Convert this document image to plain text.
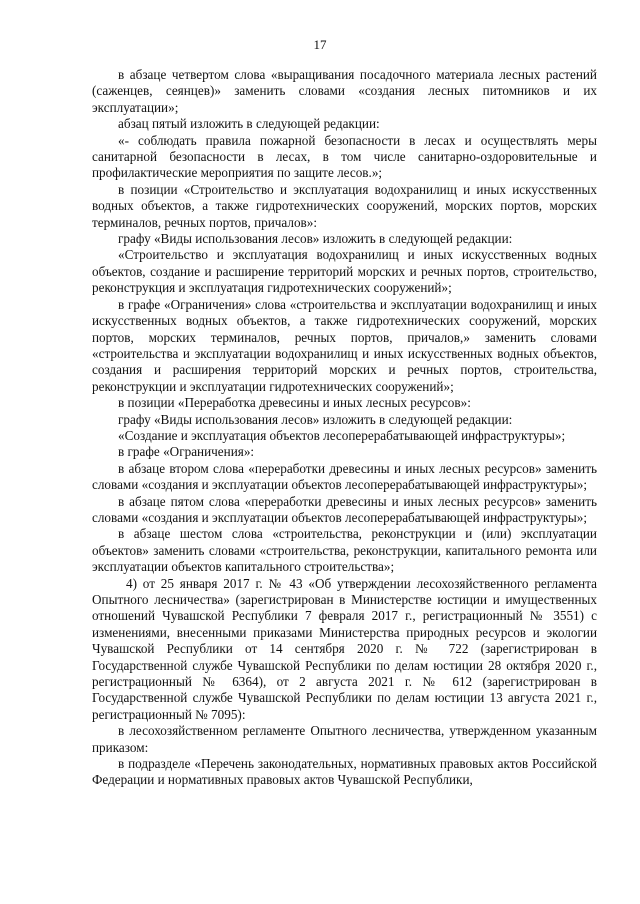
17

в абзаце четвертом слова «выращивания посадочного материала лесных растений (саженцев, сеянцев)» заменить словами «создания лесных питомников и их эксплуатации»;

абзац пятый изложить в следующей редакции:

«- соблюдать правила пожарной безопасности в лесах и осуществлять меры санитарной безопасности в лесах, в том числе санитарно-оздоровительные и профилактические мероприятия по защите лесов.»;

в позиции «Строительство и эксплуатация водохранилищ и иных искусственных водных объектов, а также гидротехнических сооружений, морских портов, морских терминалов, речных портов, причалов»:

графу «Виды использования лесов» изложить в следующей редакции:

«Строительство и эксплуатация водохранилищ и иных искусственных водных объектов, создание и расширение территорий морских и речных портов, строительство, реконструкция и эксплуатация гидротехнических сооружений»;

в графе «Ограничения» слова «строительства и эксплуатации водохранилищ и иных искусственных водных объектов, а также гидротехнических сооружений, морских портов, морских терминалов, речных портов, причалов,» заменить словами «строительства и эксплуатации водохранилищ и иных искусственных водных объектов, создания и расширения территорий морских и речных портов, строительства, реконструкции и эксплуатации гидротехнических сооружений»;

в позиции «Переработка древесины и иных лесных ресурсов»:

графу «Виды использования лесов» изложить в следующей редакции:

«Создание и эксплуатация объектов лесоперерабатывающей инфраструктуры»;

в графе «Ограничения»:

в абзаце втором слова «переработки древесины и иных лесных ресурсов» заменить словами «создания и эксплуатации объектов лесоперерабатывающей инфраструктуры»;

в абзаце пятом слова «переработки древесины и иных лесных ресурсов» заменить словами «создания и эксплуатации объектов лесоперерабатывающей инфраструктуры»;

в абзаце шестом слова «строительства, реконструкции и (или) эксплуатации объектов» заменить словами «строительства, реконструкции, капитального ремонта или эксплуатации объектов капитального строительства»;

4) от 25 января 2017 г. № 43 «Об утверждении лесохозяйственного регламента Опытного лесничества» (зарегистрирован в Министерстве юстиции и имущественных отношений Чувашской Республики 7 февраля 2017 г., регистрационный № 3551) с изменениями, внесенными приказами Министерства природных ресурсов и экологии Чувашской Республики от 14 сентября 2020 г. № 722 (зарегистрирован в Государственной службе Чувашской Республики по делам юстиции 28 октября 2020 г., регистрационный № 6364), от 2 августа 2021 г. № 612 (зарегистрирован в Государственной службе Чувашской Республики по делам юстиции 13 августа 2021 г., регистрационный № 7095):

в лесохозяйственном регламенте Опытного лесничества, утвержденном указанным приказом:

в подразделе «Перечень законодательных, нормативных правовых актов Российской Федерации и нормативных правовых актов Чувашской Республики,
